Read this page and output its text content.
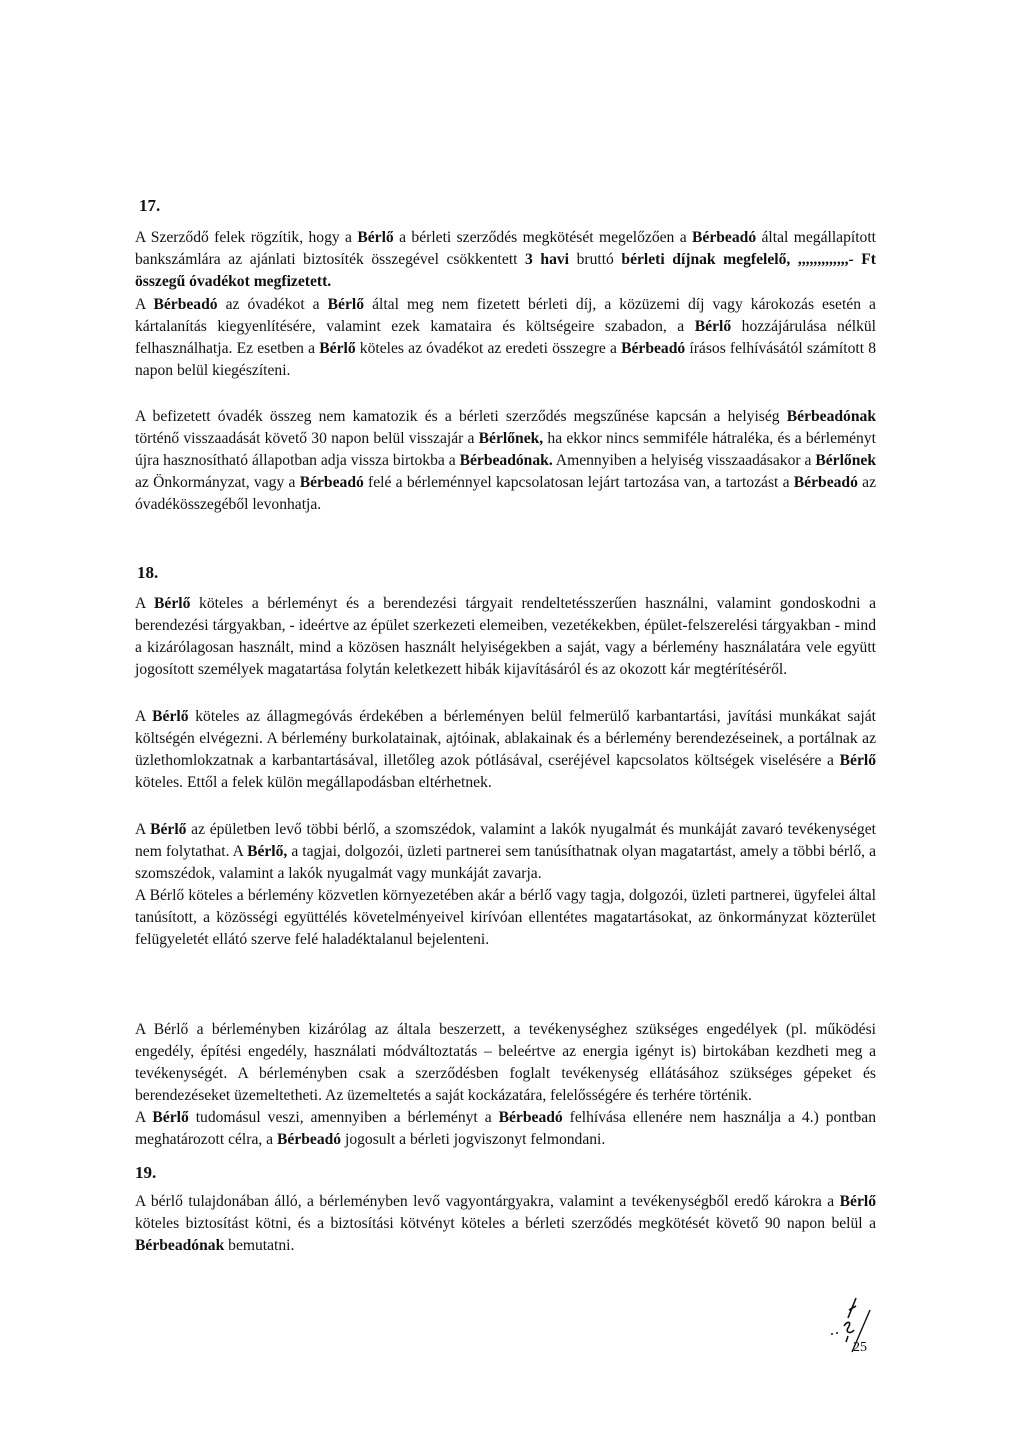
17.

A Szerződő felek rögzítik, hogy a Bérlő a bérleti szerződés megkötését megelőzően a Bérbeadó által megállapított bankszámlára az ajánlati biztosíték összegével csökkentett 3 havi bruttó bérleti díjnak megfelelő, ,,,,,,,,,,,,,- Ft összegű óvadékot megfizetett.

A Bérbeadó az óvadékot a Bérlő által meg nem fizetett bérleti díj, a közüzemi díj vagy károkozás esetén a kártalanítás kiegyenlítésére, valamint ezek kamataira és költségeire szabadon, a Bérlő hozzájárulása nélkül felhasználhatja. Ez esetben a Bérlő köteles az óvadékot az eredeti összegre a Bérbeadó írásos felhívásától számított 8 napon belül kiegészíteni.

A befizetett óvadék összeg nem kamatozik és a bérleti szerződés megszűnése kapcsán a helyiség Bérbeadónak történő visszaadását követő 30 napon belül visszajár a Bérlőnek, ha ekkor nincs semmiféle hátraléka, és a bérleményt újra hasznosítható állapotban adja vissza birtokba a Bérbeadónak. Amennyiben a helyiség visszaadásakor a Bérlőnek az Önkormányzat, vagy a Bérbeadó felé a bérleménnyel kapcsolatosan lejárt tartozása van, a tartozást a Bérbeadó az óvadékösszegéből levonhatja.

18.

A Bérlő köteles a bérleményt és a berendezési tárgyait rendeltetésszerűen használni, valamint gondoskodni a berendezési tárgyakban, - ideértve az épület szerkezeti elemeiben, vezetékekben, épület-felszerelési tárgyakban - mind a kizárólagosan használt, mind a közösen használt helyiségekben a saját, vagy a bérlemény használatára vele együtt jogosított személyek magatartása folytán keletkezett hibák kijavításáról és az okozott kár megtérítéséről.

A Bérlő köteles az állagmegóvás érdekében a bérleményen belül felmerülő karbantartási, javítási munkákat saját költségén elvégezni. A bérlemény burkolatainak, ajtóinak, ablakainak és a bérlemény berendezéseinek, a portálnak az üzlethomlokzatnak a karbantartásával, illetőleg azok pótlásával, cseréjével kapcsolatos költségek viselésére a Bérlő köteles. Ettől a felek külön megállapodásban eltérhetnek.

A Bérlő az épületben levő többi bérlő, a szomszédok, valamint a lakók nyugalmát és munkáját zavaró tevékenységet nem folytathat. A Bérlő, a tagjai, dolgozói, üzleti partnerei sem tanúsíthatnak olyan magatartást, amely a többi bérlő, a szomszédok, valamint a lakók nyugalmát vagy munkáját zavarja.

A Bérlő köteles a bérlemény közvetlen környezetében akár a bérlő vagy tagja, dolgozói, üzleti partnerei, ügyfelei által tanúsított, a közösségi együttélés követelményeivel kirívóan ellentétes magatartásokat, az önkormányzat közterület felügyeletét ellátó szerve felé haladéktalanul bejelenteni.

A Bérlő a bérleményben kizárólag az általa beszerzett, a tevékenységhez szükséges engedélyek (pl. működési engedély, építési engedély, használati módváltoztatás – beleértve az energia igényt is) birtokában kezdheti meg a tevékenységét. A bérleményben csak a szerződésben foglalt tevékenység ellátásához szükséges gépeket és berendezéseket üzemeltetheti. Az üzemeltetés a saját kockázatára, felelősségére és terhére történik.

A Bérlő tudomásul veszi, amennyiben a bérleményt a Bérbeadó felhívása ellenére nem használja a 4.) pontban meghatározott célra, a Bérbeadó jogosult a bérleti jogviszonyt felmondani.

19.

A bérlő tulajdonában álló, a bérleményben levő vagyontárgyakra, valamint a tevékenységből eredő károkra a Bérlő köteles biztosítást kötni, és a biztosítási kötvényt köteles a bérleti szerződés megkötését követő 90 napon belül a Bérbeadónak bemutatni.

25
